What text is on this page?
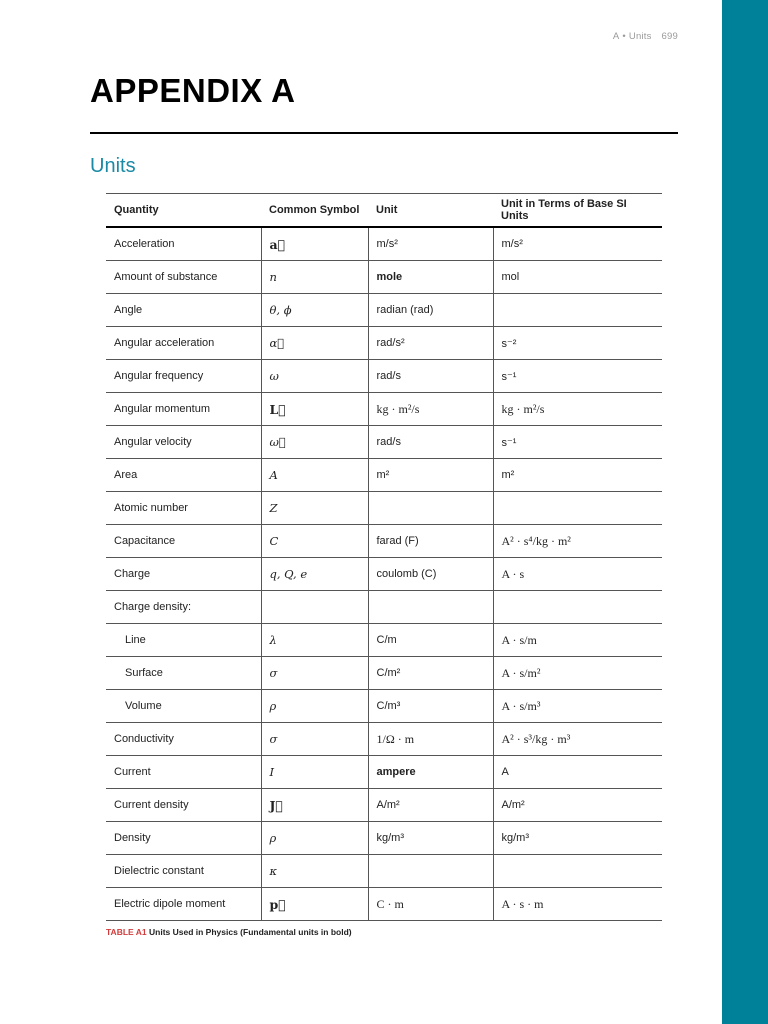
A • Units 699
APPENDIX A
Units
Quantity	Common Symbol	Unit	Unit in Terms of Base SI Units
Acceleration	a⃗	m/s²	m/s²
Amount of substance	n	mole	mol
Angle	θ, ϕ	radian (rad)	
Angular acceleration	α⃗	rad/s²	s⁻²
Angular frequency	ω	rad/s	s⁻¹
Angular momentum	L⃗	kg · m²/s	kg · m²/s
Angular velocity	ω⃗	rad/s	s⁻¹
Area	A	m²	m²
Atomic number	Z		
Capacitance	C	farad (F)	A² · s⁴/kg · m²
Charge	q, Q, e	coulomb (C)	A · s
Charge density:			
Line	λ	C/m	A · s/m
Surface	σ	C/m²	A · s/m²
Volume	ρ	C/m³	A · s/m³
Conductivity	σ	1/Ω · m	A² · s³/kg · m³
Current	I	ampere	A
Current density	J⃗	A/m²	A/m²
Density	ρ	kg/m³	kg/m³
Dielectric constant	κ		
Electric dipole moment	p⃗	C · m	A · s · m

TABLE A1 Units Used in Physics (Fundamental units in bold)
